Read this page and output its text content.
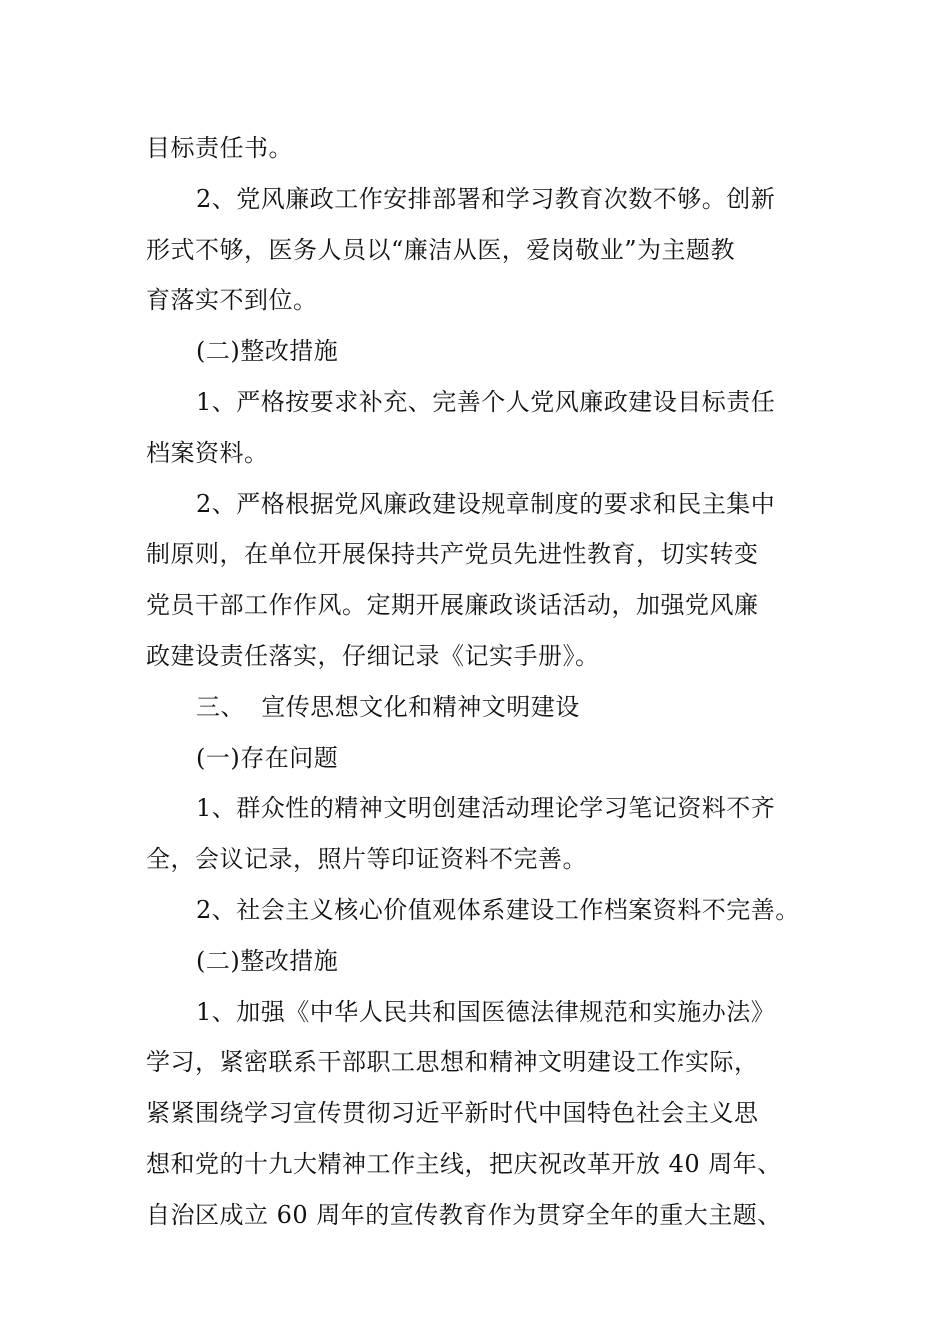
目标责任书。
2、党风廉政工作安排部署和学习教育次数不够。创新
形式不够，医务人员以“廉洁从医，爱岗敬业”为主题教
育落实不到位。
(二)整改措施
1、严格按要求补充、完善个人党风廉政建设目标责任
档案资料。
2、严格根据党风廉政建设规章制度的要求和民主集中
制原则，在单位开展保持共产党员先进性教育，切实转变
党员干部工作作风。定期开展廉政谈话活动，加强党风廉
政建设责任落实，仔细记录《记实手册》。
三、  宣传思想文化和精神文明建设
(一)存在问题
1、群众性的精神文明创建活动理论学习笔记资料不齐
全，会议记录，照片等印证资料不完善。
2、社会主义核心价值观体系建设工作档案资料不完善。
(二)整改措施
1、加强《中华人民共和国医德法律规范和实施办法》
学习，紧密联系干部职工思想和精神文明建设工作实际，
紧紧围绕学习宣传贯彻习近平新时代中国特色社会主义思
想和党的十九大精神工作主线，把庆祝改革开放 40 周年、
自治区成立 60 周年的宣传教育作为贯穿全年的重大主题、
